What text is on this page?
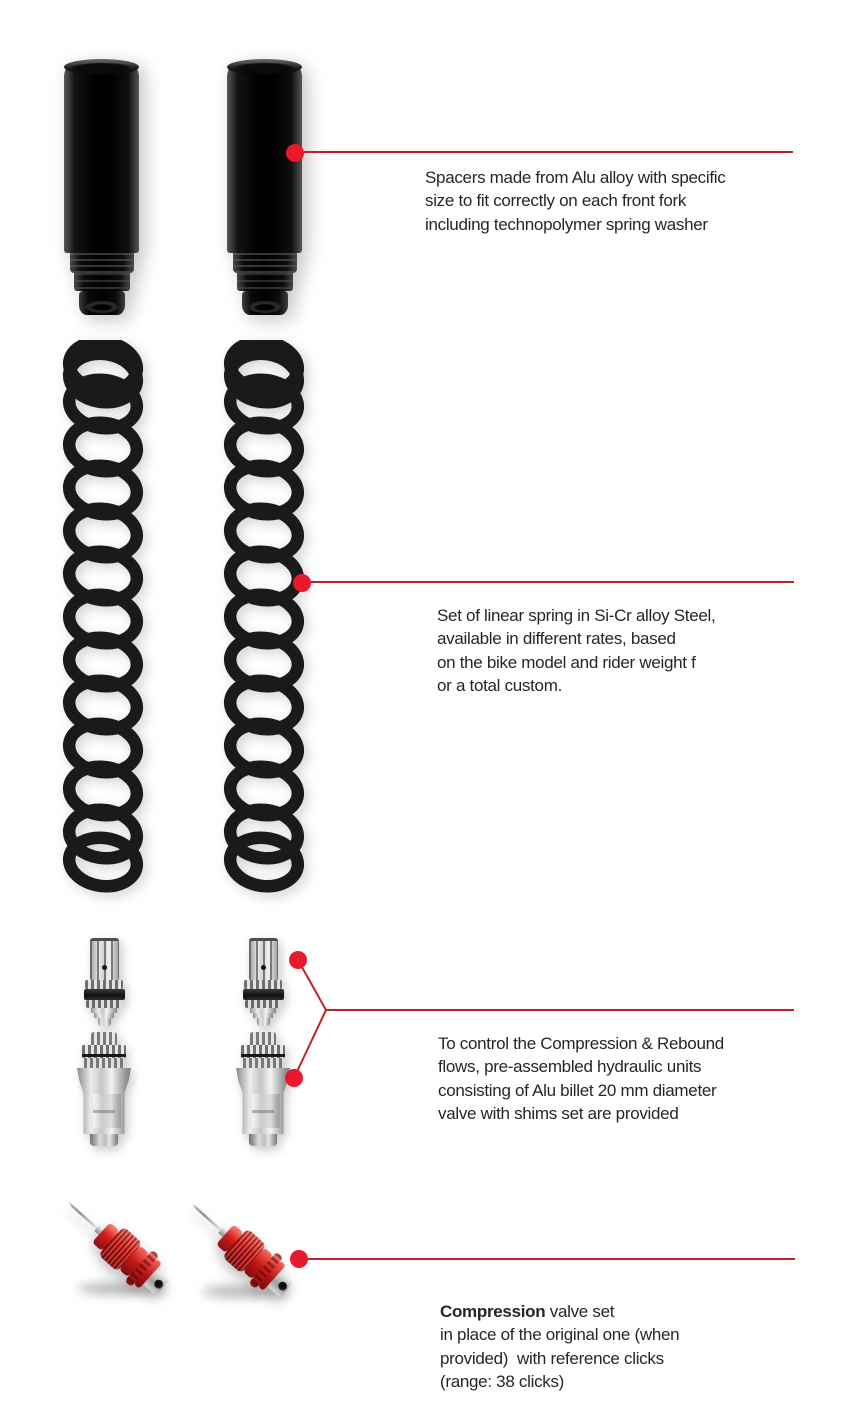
Spacers made from Alu alloy with specific
size to fit correctly on each front fork
including technopolymer spring washer
Set of linear spring in Si-Cr alloy Steel,
available in different rates, based
on the bike model and rider weight f
or a total custom.
To control the Compression & Rebound
flows, pre-assembled hydraulic units
consisting of Alu billet 20 mm diameter
valve with shims set are provided
Compression valve set
in place of the original one (when
provided)  with reference clicks
(range: 38 clicks)
